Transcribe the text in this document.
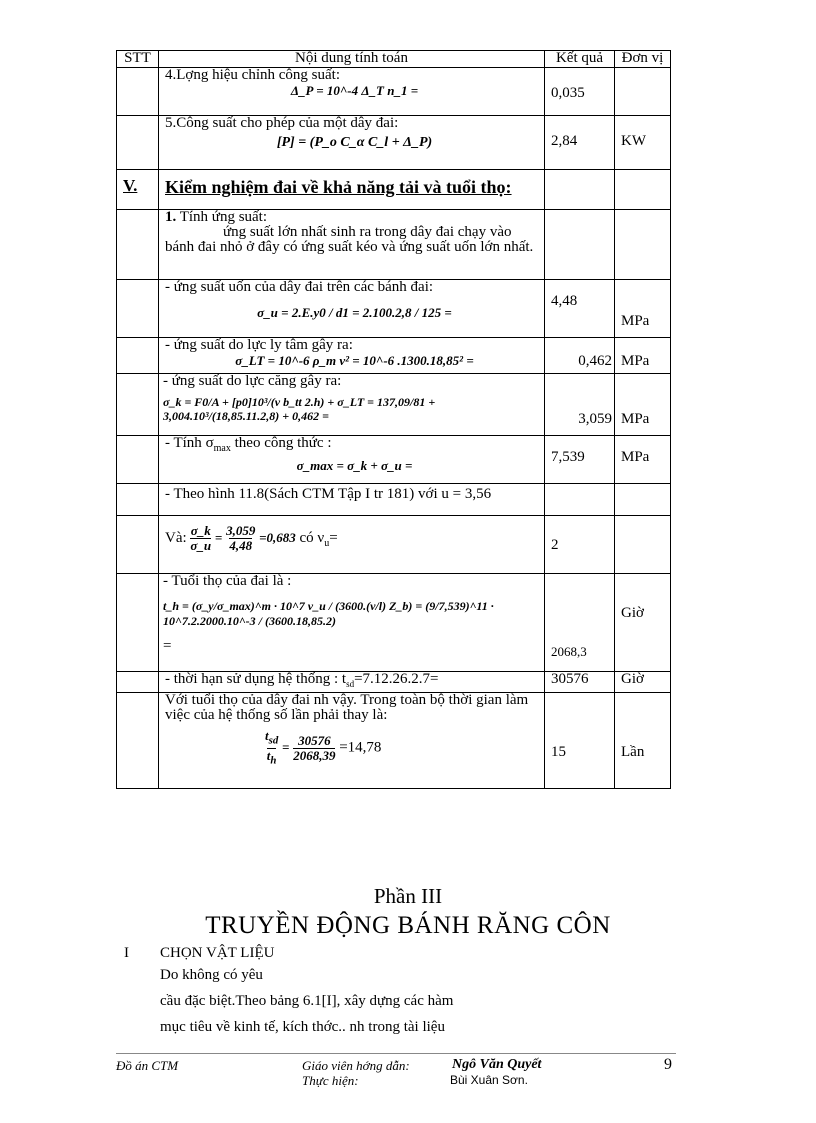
STT	Nội dung tính toán	Kết quả	Đơn vị
	4.Lợng hiệu chỉnh công suất:
Δ_P = 10^-4 Δ_T n_1 =	0,035	
	5.Công suất cho phép của một dây đai:
[P] = (P_o C_α C_l + Δ_P)	2,84	KW
V.	Kiểm nghiệm đai về khả năng tải và tuổi thọ:		
	1. Tính ứng suất:

ứng suất lớn nhất sinh ra trong dây đai chạy vào bánh đai nhỏ ở đây có ứng suất kéo và ứng suất uốn lớn nhất.		

	- ứng suất uốn của dây đai trên các bánh đai:
σ_u = 2.E.y0 / d1 = 2.100.2,8 / 125 =	4,48	MPa
	- ứng suất do lực ly tâm gây ra:
σ_LT = 10^-6 ρ_m v² = 10^-6 .1300.18,85² =	0,462	MPa
	- ứng suất do lực căng gây ra:
σ_k = F0/A + [p0]10³/(v b_tt 2.h) + σ_LT = 137,09/81 + 3,004.10³/(18,85.11.2,8) + 0,462 =	3,059	MPa
	- Tính $\sigma_{max}$ theo công thức :
σ_max = σ_k + σ_u =	7,539	MPa
	- Theo hình 11.8(Sách CTM Tập I tr 181) với u = 3,56		
	Và: $\frac{\sigma\_k}{\sigma\_u} = \frac{3,059}{4,48} =0,683$ có $\nu_u=$	2	
	- Tuổi thọ của đai là :
t_h = (σ_y/σ_max)^m · 10^7 ν_u / (3600.(v/l) Z_b) = (9/7,539)^11 · 10^7.2.2000.10^-3 / (3600.18,85.2)
=	2068,3	Giờ
	- thời hạn sử dụng hệ thống : $t_{sd}=7.12.26.2.7=$	30576	Giờ

	Với tuổi thọ của dây đai nh vậy. Trong toàn bộ thời gian làm việc của hệ thống số lần phải thay là:
$t_{sd}$
$t_h = \frac{30576}{2068,39} =14,78$	15	Lần
Phần III
TRUYỀN ĐỘNG BÁNH RĂNG CÔN
I CHỌN VẬT LIỆU
Do không có yêu
cầu đặc biệt.Theo bảng 6.1[I], xây dựng các hàm
mục tiêu về kinh tế, kích thớc.. nh trong tài liệu
Đồ án CTM	Giáo viên hớng dẫn:	Ngô Văn Quyết
Thực hiện:	Bùi Xuân Sơn.
9
